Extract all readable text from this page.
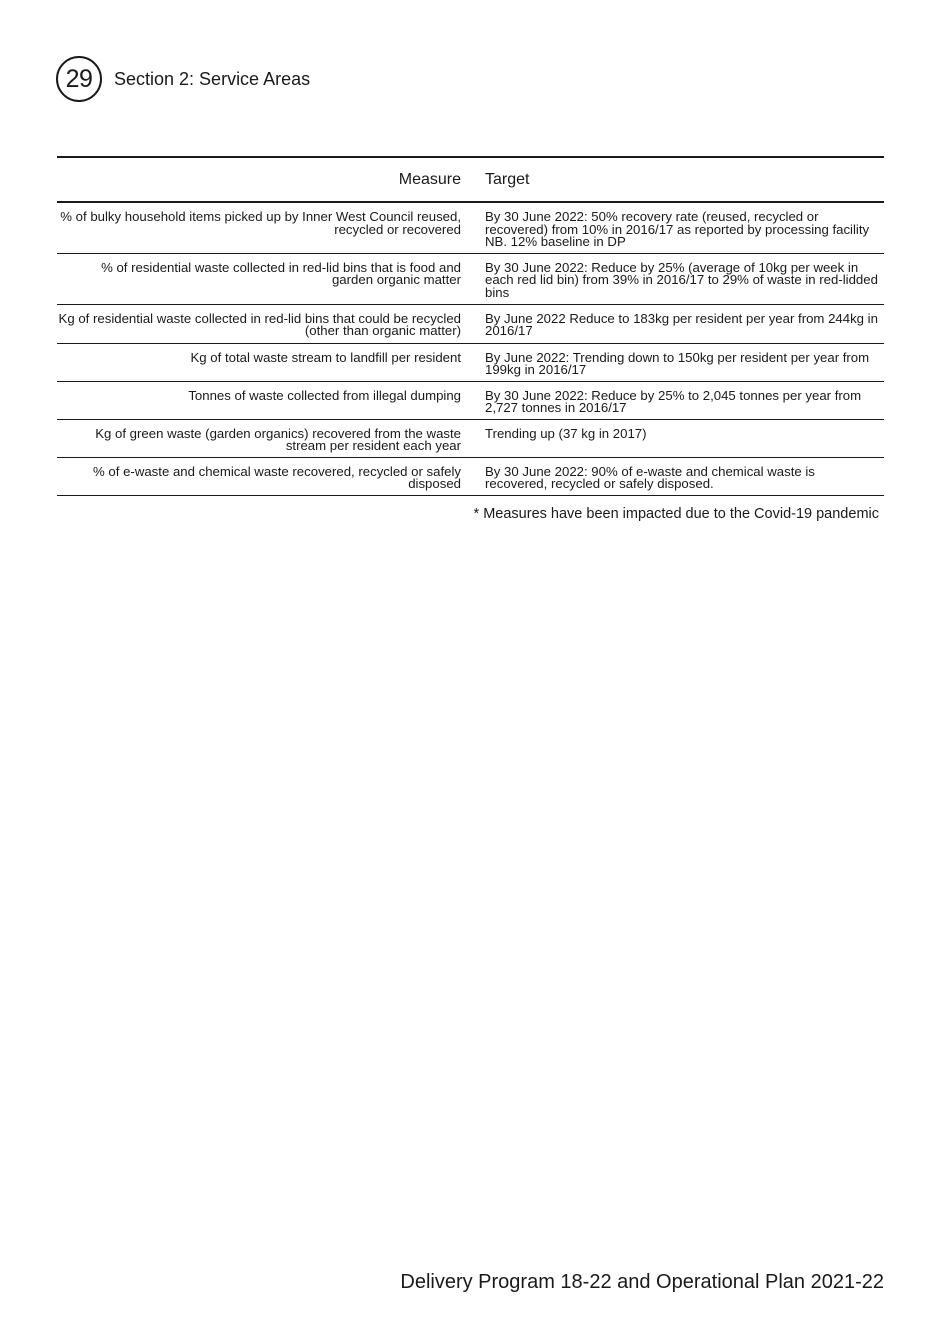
29 Section 2: Service Areas
Measure		Target
% of bulky household items picked up by Inner West Council reused, recycled or recovered		By 30 June 2022: 50% recovery rate (reused, recycled or recovered) from 10% in 2016/17 as reported by processing facility NB. 12% baseline in DP
% of residential waste collected in red-lid bins that is food and garden organic matter		By 30 June 2022: Reduce by 25% (average of 10kg per week in each red lid bin) from 39% in 2016/17 to 29% of waste in red-lidded bins
Kg of residential waste collected in red-lid bins that could be recycled (other than organic matter)		By June 2022 Reduce to 183kg per resident per year from 244kg in 2016/17
Kg of total waste stream to landfill per resident		By June 2022: Trending down to 150kg per resident per year from 199kg in 2016/17
Tonnes of waste collected from illegal dumping		By 30 June 2022: Reduce by 25% to 2,045 tonnes per year from 2,727 tonnes in 2016/17
Kg of green waste (garden organics) recovered from the waste stream per resident each year		Trending up (37 kg in 2017)
% of e-waste and chemical waste recovered, recycled or safely disposed		By 30 June 2022: 90% of e-waste and chemical waste is recovered, recycled or safely disposed.
* Measures have been impacted due to the Covid-19 pandemic
Delivery Program 18-22 and Operational Plan 2021-22
